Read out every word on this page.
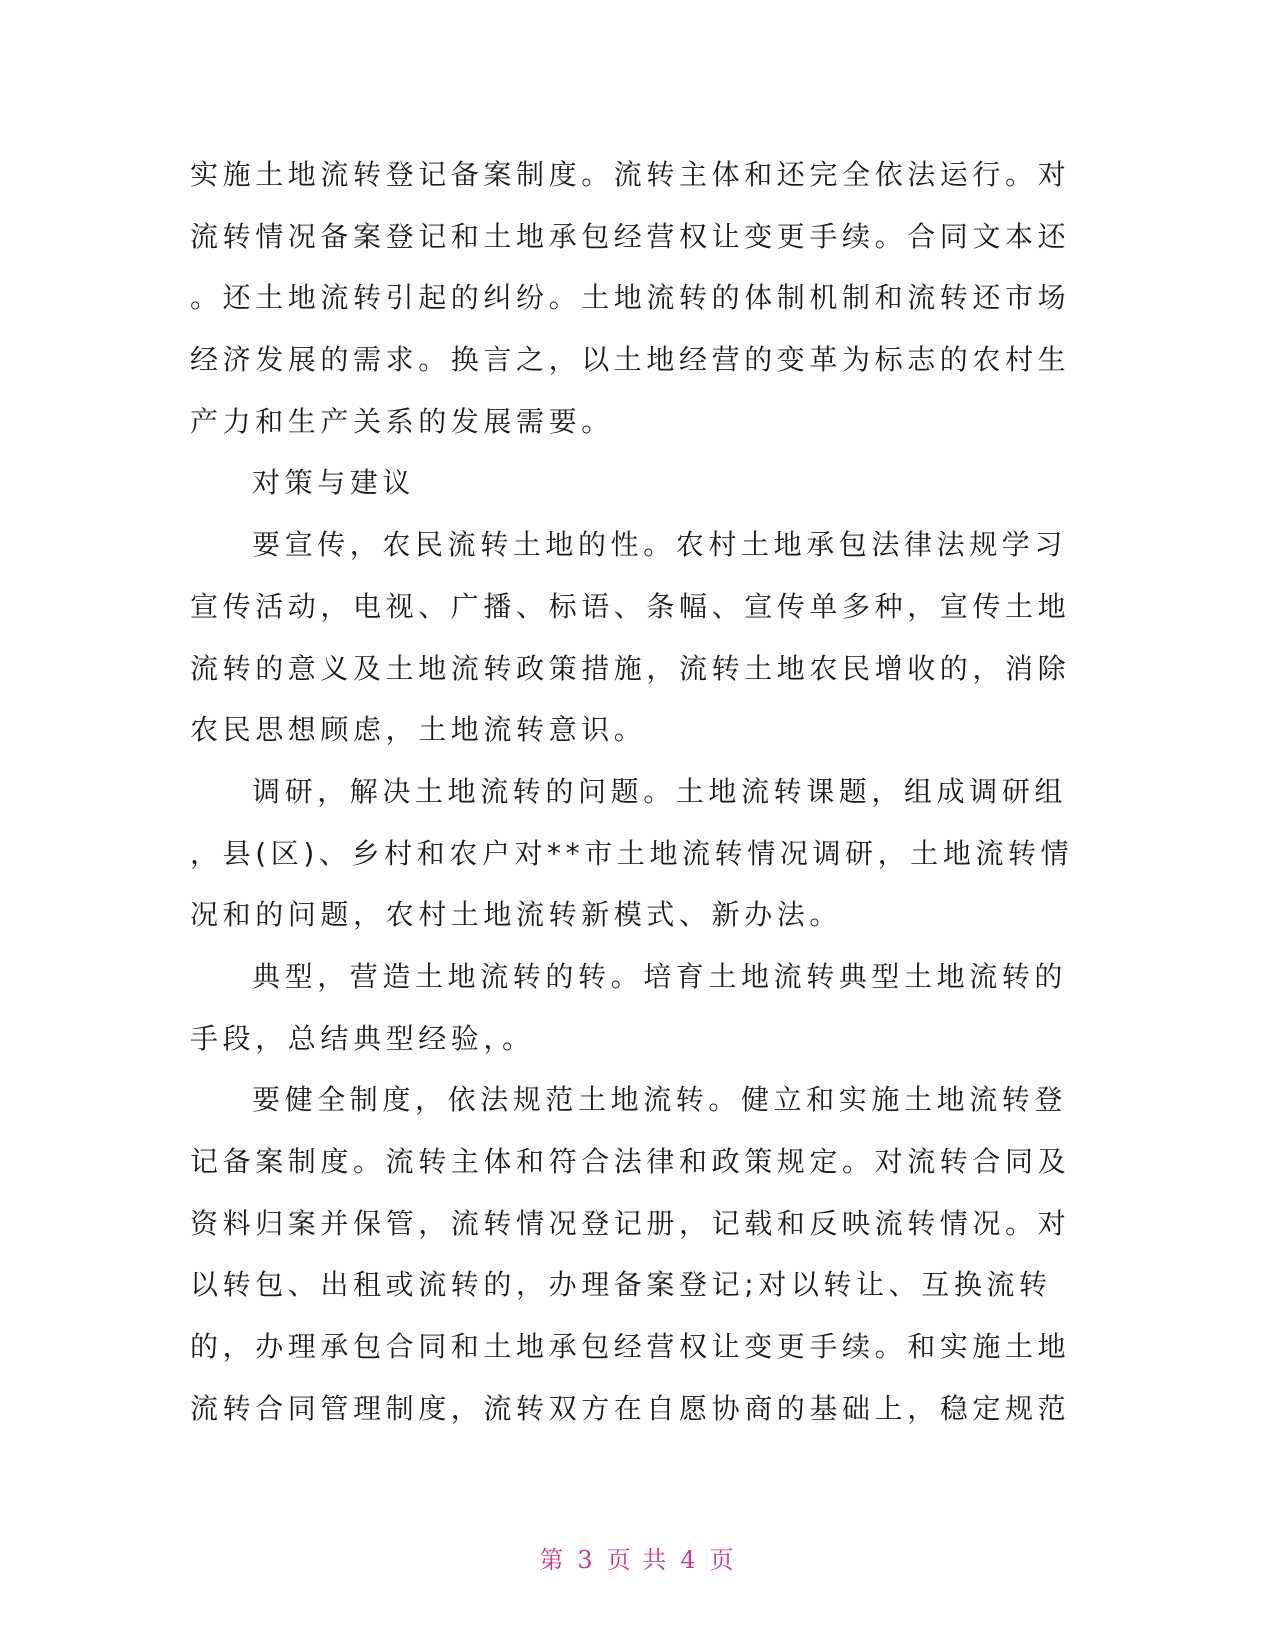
实施土地流转登记备案制度。流转主体和还完全依法运行。对
流转情况备案登记和土地承包经营权让变更手续。合同文本还
。还土地流转引起的纠纷。土地流转的体制机制和流转还市场
经济发展的需求。换言之，以土地经营的变革为标志的农村生
产力和生产关系的发展需要。
对策与建议
要宣传，农民流转土地的性。农村土地承包法律法规学习
宣传活动，电视、广播、标语、条幅、宣传单多种，宣传土地
流转的意义及土地流转政策措施，流转土地农民增收的，消除
农民思想顾虑，土地流转意识。
调研，解决土地流转的问题。土地流转课题，组成调研组
，县(区)、乡村和农户对**市土地流转情况调研，土地流转情
况和的问题，农村土地流转新模式、新办法。
典型，营造土地流转的转。培育土地流转典型土地流转的
手段，总结典型经验，。
要健全制度，依法规范土地流转。健立和实施土地流转登
记备案制度。流转主体和符合法律和政策规定。对流转合同及
资料归案并保管，流转情况登记册，记载和反映流转情况。对
以转包、出租或流转的，办理备案登记;对以转让、互换流转
的，办理承包合同和土地承包经营权让变更手续。和实施土地
流转合同管理制度，流转双方在自愿协商的基础上，稳定规范
第 3 页 共 4 页
